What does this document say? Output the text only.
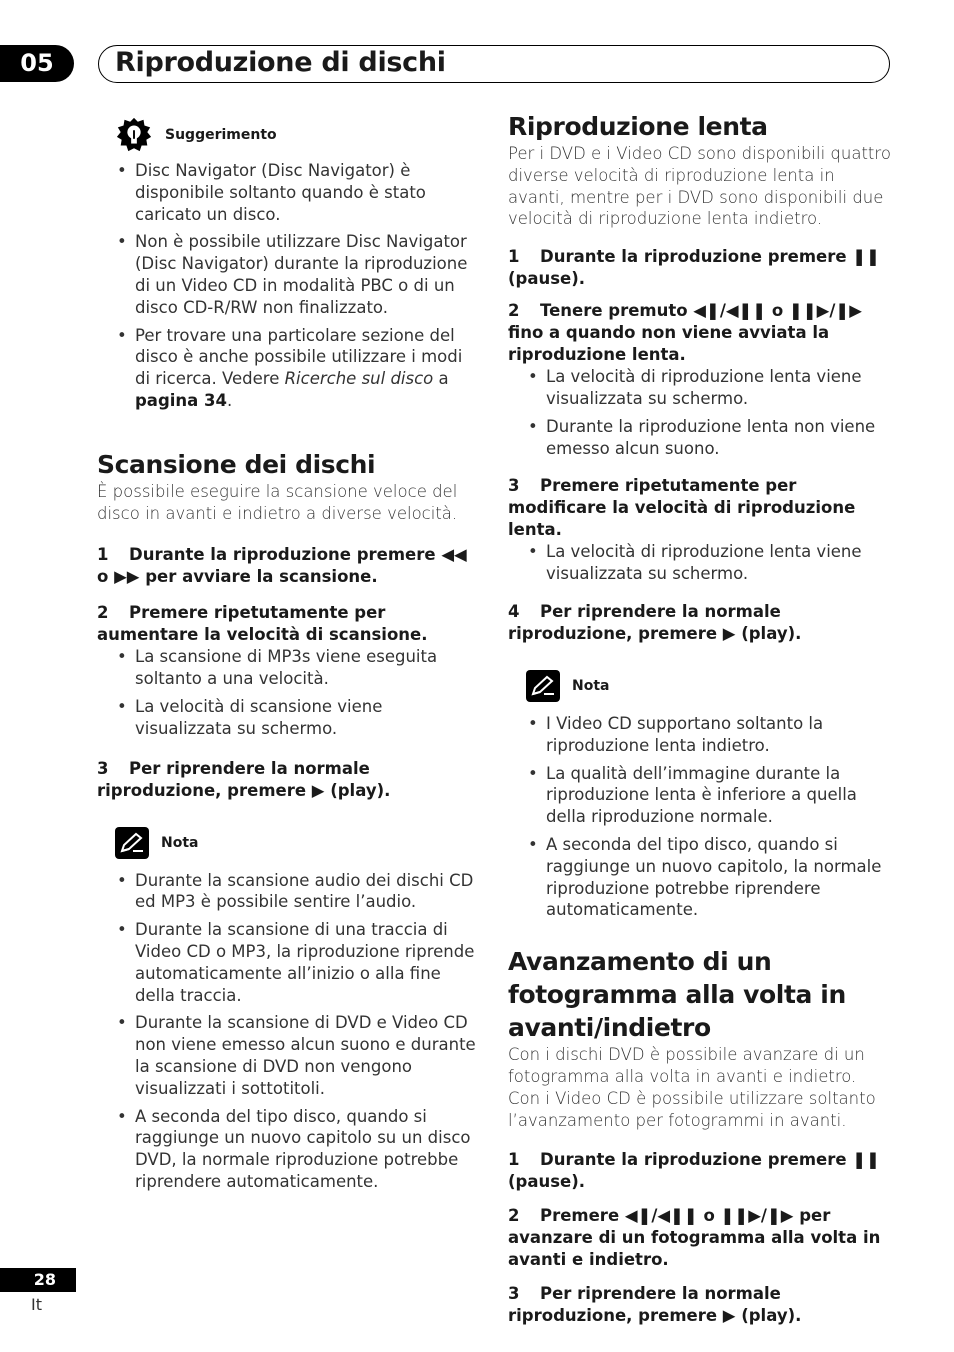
05	Riproduzione di dischi
Suggerimento
• Disc Navigator (Disc Navigator) è disponibile soltanto quando è stato caricato un disco.
• Non è possibile utilizzare Disc Navigator (Disc Navigator) durante la riproduzione di un Video CD in modalità PBC o di un disco CD-R/RW non finalizzato.
• Per trovare una particolare sezione del disco è anche possibile utilizzare i modi di ricerca. Vedere Ricerche sul disco a pagina 34.
Scansione dei dischi

È possibile eseguire la scansione veloce del disco in avanti e indietro a diverse velocità.

1 Durante la riproduzione premere ◀◀ o ▶▶ per avviare la scansione.

2 Premere ripetutamente per aumentare la velocità di scansione.

• La scansione di MP3s viene eseguita soltanto a una velocità.
• La velocità di scansione viene visualizzata su schermo.

3 Per riprendere la normale riproduzione, premere ▶ (play).

Nota
• Durante la scansione audio dei dischi CD ed MP3 è possibile sentire l’audio.
• Durante la scansione di una traccia di Video CD o MP3, la riproduzione riprende automaticamente all’inizio o alla fine della traccia.
• Durante la scansione di DVD e Video CD non viene emesso alcun suono e durante la scansione di DVD non vengono visualizzati i sottotitoli.
• A seconda del tipo disco, quando si raggiunge un nuovo capitolo su un disco DVD, la normale riproduzione potrebbe riprendere automaticamente.
Riproduzione lenta

Per i DVD e i Video CD sono disponibili quattro diverse velocità di riproduzione lenta in avanti, mentre per i DVD sono disponibili due velocità di riproduzione lenta indietro.

1 Durante la riproduzione premere ❚❚ (pause).

2 Tenere premuto ◀❚/◀❚❚ o ❚❚▶/❚▶ fino a quando non viene avviata la riproduzione lenta.

• La velocità di riproduzione lenta viene visualizzata su schermo.
• Durante la riproduzione lenta non viene emesso alcun suono.

3 Premere ripetutamente per modificare la velocità di riproduzione lenta.

• La velocità di riproduzione lenta viene visualizzata su schermo.

4 Per riprendere la normale riproduzione, premere ▶ (play).

Nota
• I Video CD supportano soltanto la riproduzione lenta indietro.
• La qualità dell’immagine durante la riproduzione lenta è inferiore a quella della riproduzione normale.
• A seconda del tipo disco, quando si raggiunge un nuovo capitolo, la normale riproduzione potrebbe riprendere automaticamente.
Avanzamento di un fotogramma alla volta in avanti/indietro

Con i dischi DVD è possibile avanzare di un fotogramma alla volta in avanti e indietro. Con i Video CD è possibile utilizzare soltanto l’avanzamento per fotogrammi in avanti.

1 Durante la riproduzione premere ❚❚ (pause).

2 Premere ◀❚/◀❚❚ o ❚❚▶/❚▶ per avanzare di un fotogramma alla volta in avanti e indietro.

3 Per riprendere la normale riproduzione, premere ▶ (play).

28
It
